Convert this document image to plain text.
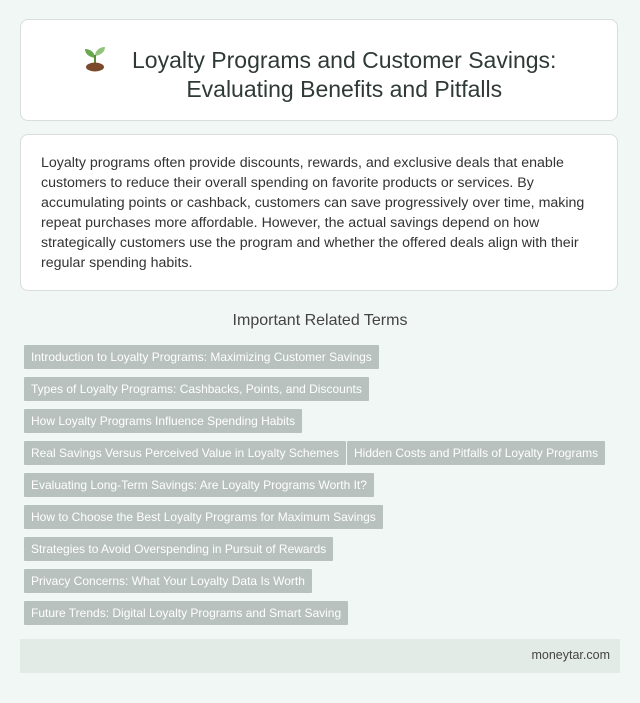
Loyalty Programs and Customer Savings:
Evaluating Benefits and Pitfalls

Loyalty programs often provide discounts, rewards, and exclusive deals that enable customers to reduce their overall spending on favorite products or services. By accumulating points or cashback, customers can save progressively over time, making repeat purchases more affordable. However, the actual savings depend on how strategically customers use the program and whether the offered deals align with their regular spending habits.

Important Related Terms
Introduction to Loyalty Programs: Maximizing Customer Savings
Types of Loyalty Programs: Cashbacks, Points, and Discounts
How Loyalty Programs Influence Spending Habits
Real Savings Versus Perceived Value in Loyalty Schemes	Hidden Costs and Pitfalls of Loyalty Programs
Evaluating Long-Term Savings: Are Loyalty Programs Worth It?
How to Choose the Best Loyalty Programs for Maximum Savings
Strategies to Avoid Overspending in Pursuit of Rewards
Privacy Concerns: What Your Loyalty Data Is Worth
Future Trends: Digital Loyalty Programs and Smart Saving
moneytar.com
